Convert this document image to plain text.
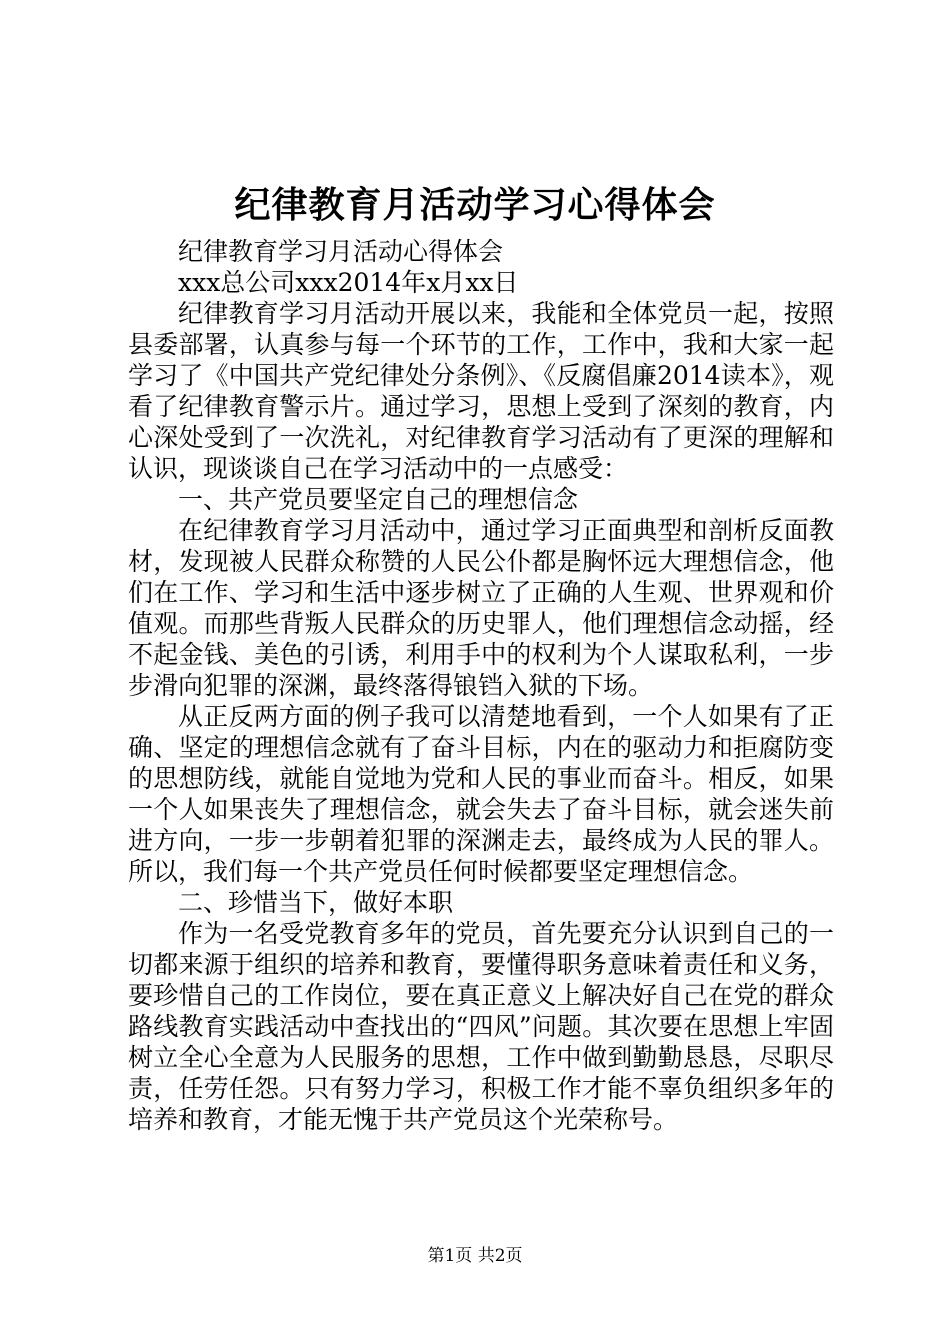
纪律教育月活动学习心得体会

纪律教育学习月活动心得体会

xxx总公司xxx2014年x月xx日

纪律教育学习月活动开展以来，我能和全体党员一起，按照县委部署，认真参与每一个环节的工作，工作中，我和大家一起学习了《中国共产党纪律处分条例》、《反腐倡廉2014读本》，观看了纪律教育警示片。通过学习，思想上受到了深刻的教育，内心深处受到了一次洗礼，对纪律教育学习活动有了更深的理解和认识，现谈谈自己在学习活动中的一点感受：

一、共产党员要坚定自己的理想信念

在纪律教育学习月活动中，通过学习正面典型和剖析反面教材，发现被人民群众称赞的人民公仆都是胸怀远大理想信念，他们在工作、学习和生活中逐步树立了正确的人生观、世界观和价值观。而那些背叛人民群众的历史罪人，他们理想信念动摇，经不起金钱、美色的引诱，利用手中的权利为个人谋取私利，一步步滑向犯罪的深渊，最终落得锒铛入狱的下场。

从正反两方面的例子我可以清楚地看到，一个人如果有了正确、坚定的理想信念就有了奋斗目标，内在的驱动力和拒腐防变的思想防线，就能自觉地为党和人民的事业而奋斗。相反，如果一个人如果丧失了理想信念，就会失去了奋斗目标，就会迷失前进方向，一步一步朝着犯罪的深渊走去，最终成为人民的罪人。所以，我们每一个共产党员任何时候都要坚定理想信念。

二、珍惜当下，做好本职

作为一名受党教育多年的党员，首先要充分认识到自己的一切都来源于组织的培养和教育，要懂得职务意味着责任和义务，要珍惜自己的工作岗位，要在真正意义上解决好自己在党的群众路线教育实践活动中查找出的“四风”问题。其次要在思想上牢固树立全心全意为人民服务的思想，工作中做到勤勤恳恳，尽职尽责，任劳任怨。只有努力学习，积极工作才能不辜负组织多年的培养和教育，才能无愧于共产党员这个光荣称号。

第1页 共2页
